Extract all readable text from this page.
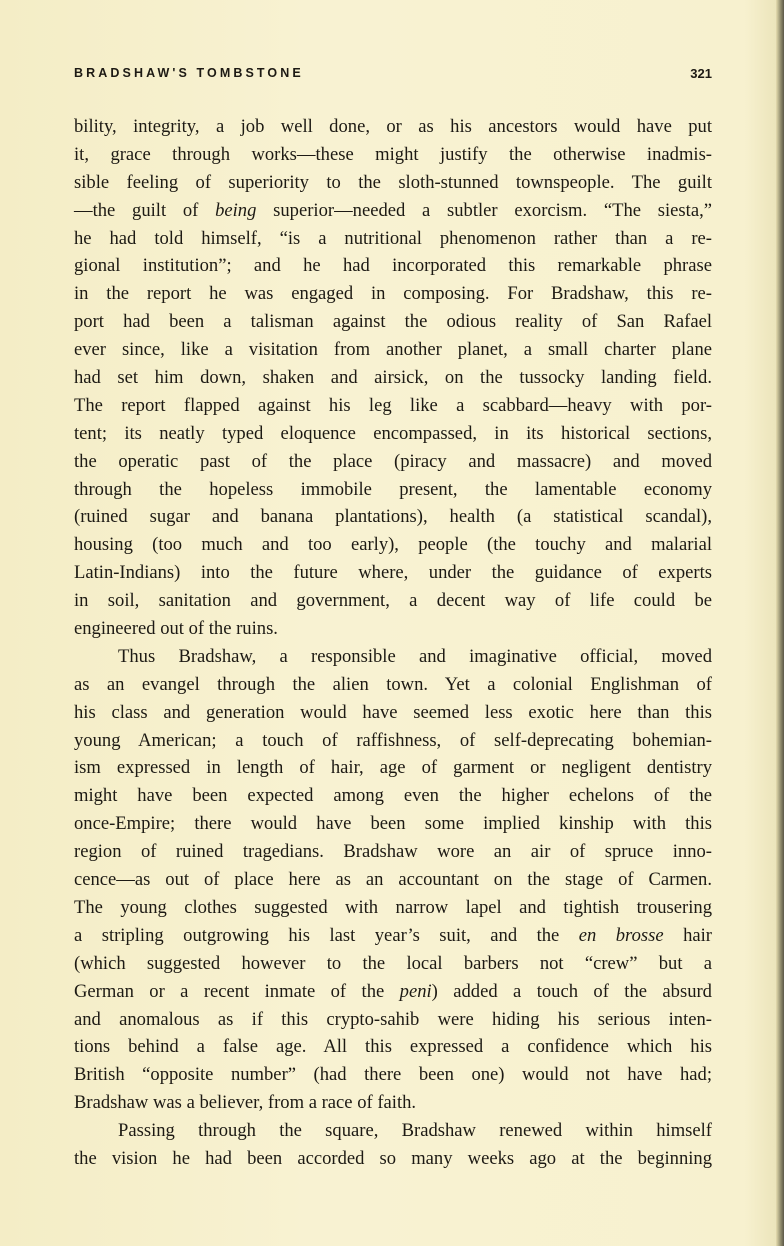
BRADSHAW'S TOMBSTONE	321
bility, integrity, a job well done, or as his ancestors would have put
it, grace through works—these might justify the otherwise inadmis-
sible feeling of superiority to the sloth-stunned townspeople. The guilt
—the guilt of being superior—needed a subtler exorcism. “The siesta,”
he had told himself, “is a nutritional phenomenon rather than a re-
gional institution”; and he had incorporated this remarkable phrase
in the report he was engaged in composing. For Bradshaw, this re-
port had been a talisman against the odious reality of San Rafael
ever since, like a visitation from another planet, a small charter plane
had set him down, shaken and airsick, on the tussocky landing field.
The report flapped against his leg like a scabbard—heavy with por-
tent; its neatly typed eloquence encompassed, in its historical sections,
the operatic past of the place (piracy and massacre) and moved
through the hopeless immobile present, the lamentable economy
(ruined sugar and banana plantations), health (a statistical scandal),
housing (too much and too early), people (the touchy and malarial
Latin-Indians) into the future where, under the guidance of experts
in soil, sanitation and government, a decent way of life could be
engineered out of the ruins.
Thus Bradshaw, a responsible and imaginative official, moved
as an evangel through the alien town. Yet a colonial Englishman of
his class and generation would have seemed less exotic here than this
young American; a touch of raffishness, of self-deprecating bohemian-
ism expressed in length of hair, age of garment or negligent dentistry
might have been expected among even the higher echelons of the
once-Empire; there would have been some implied kinship with this
region of ruined tragedians. Bradshaw wore an air of spruce inno-
cence—as out of place here as an accountant on the stage of Carmen.
The young clothes suggested with narrow lapel and tightish trousering
a stripling outgrowing his last year’s suit, and the en brosse hair
(which suggested however to the local barbers not “crew” but a
German or a recent inmate of the peni) added a touch of the absurd
and anomalous as if this crypto-sahib were hiding his serious inten-
tions behind a false age. All this expressed a confidence which his
British “opposite number” (had there been one) would not have had;
Bradshaw was a believer, from a race of faith.
Passing through the square, Bradshaw renewed within himself
the vision he had been accorded so many weeks ago at the beginning
